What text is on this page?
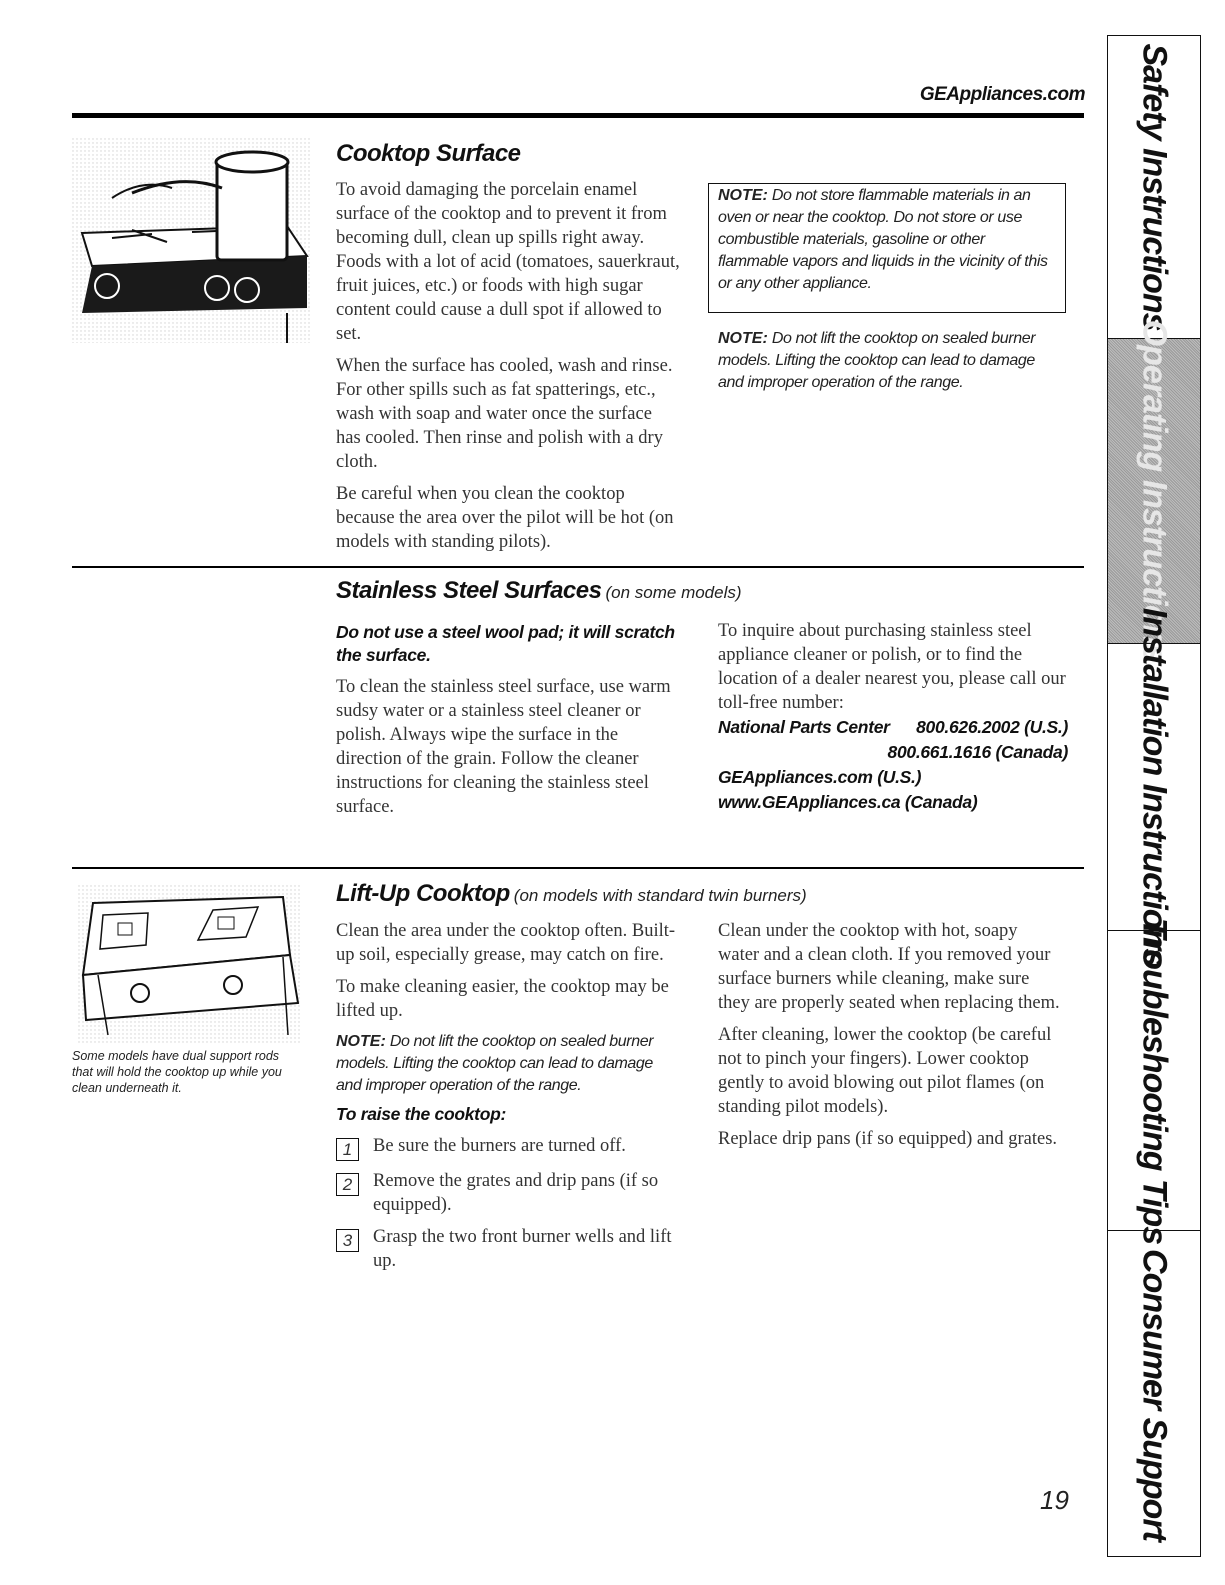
GEAppliances.com
Cooktop Surface

To avoid damaging the porcelain enamel surface of the cooktop and to prevent it from becoming dull, clean up spills right away. Foods with a lot of acid (tomatoes, sauerkraut, fruit juices, etc.) or foods with high sugar content could cause a dull spot if allowed to set.

When the surface has cooled, wash and rinse. For other spills such as fat spatterings, etc., wash with soap and water once the surface has cooled. Then rinse and polish with a dry cloth.

Be careful when you clean the cooktop because the area over the pilot will be hot (on models with standing pilots).

NOTE: Do not store flammable materials in an oven or near the cooktop. Do not store or use combustible materials, gasoline or other flammable vapors and liquids in the vicinity of this or any other appliance.
NOTE: Do not lift the cooktop on sealed burner models. Lifting the cooktop can lead to damage and improper operation of the range.
Stainless Steel Surfaces (on some models)
Do not use a steel wool pad; it will scratch the surface.
To clean the stainless steel surface, use warm sudsy water or a stainless steel cleaner or polish. Always wipe the surface in the direction of the grain. Follow the cleaner instructions for cleaning the stainless steel surface.
To inquire about purchasing stainless steel appliance cleaner or polish, or to find the location of a dealer nearest you, please call our toll-free number:
National Parts Center 800.626.2002 (U.S.)
800.661.1616 (Canada)
GEAppliances.com (U.S.)
www.GEAppliances.ca (Canada)
Some models have dual support rods that will hold the cooktop up while you clean underneath it.
Lift-Up Cooktop (on models with standard twin burners)

Clean the area under the cooktop often. Built-up soil, especially grease, may catch on fire.

To make cleaning easier, the cooktop may be lifted up.

NOTE: Do not lift the cooktop on sealed burner models. Lifting the cooktop can lead to damage and improper operation of the range.
To raise the cooktop:
1	Be sure the burners are turned off.
2	Remove the grates and drip pans (if so equipped).
3	Grasp the two front burner wells and lift up.

Clean under the cooktop with hot, soapy water and a clean cloth. If you removed your surface burners while cleaning, make sure they are properly seated when replacing them.

After cleaning, lower the cooktop (be careful not to pinch your fingers). Lower cooktop gently to avoid blowing out pilot flames (on standing pilot models).

Replace drip pans (if so equipped) and grates.

Safety Instructions
Operating Instructions
Installation Instructions
Troubleshooting Tips
Consumer Support
19
